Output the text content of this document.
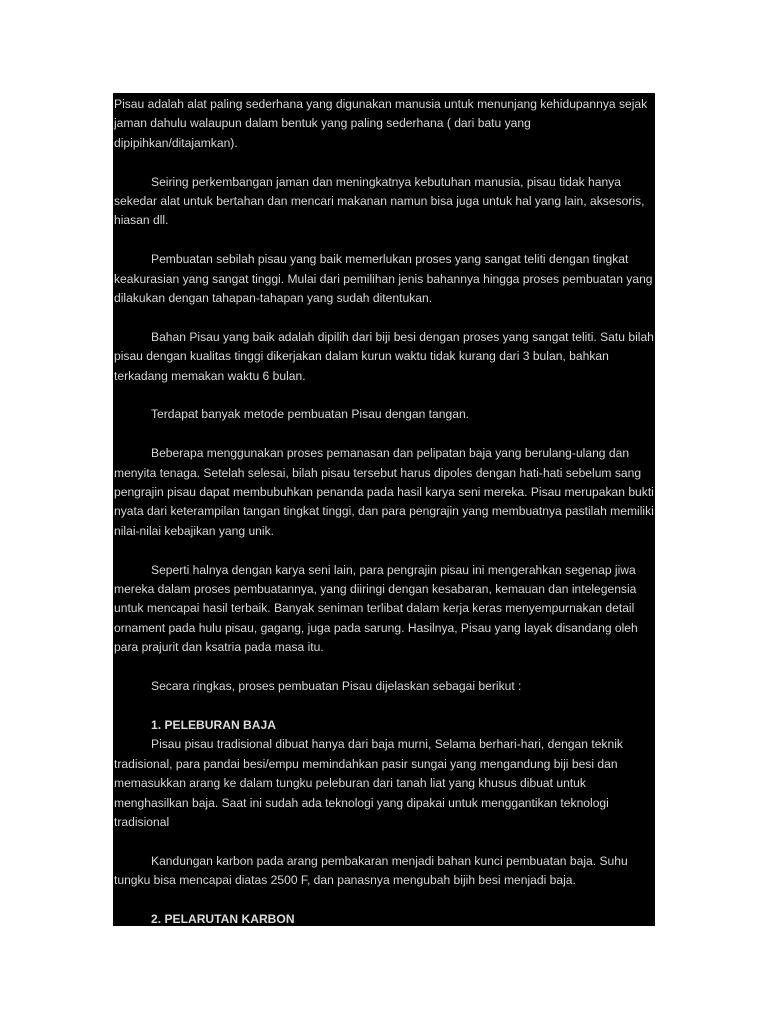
Pisau adalah alat paling sederhana yang digunakan manusia untuk menunjang kehidupannya sejak jaman dahulu walaupun dalam bentuk yang paling sederhana ( dari batu yang dipipihkan/ditajamkan).

Seiring perkembangan jaman dan meningkatnya kebutuhan manusia, pisau tidak hanya sekedar alat untuk bertahan dan mencari makanan namun bisa juga untuk hal yang lain, aksesoris, hiasan dll.

Pembuatan sebilah pisau yang baik memerlukan proses yang sangat teliti dengan tingkat keakurasian yang sangat tinggi. Mulai dari pemilihan jenis bahannya hingga proses pembuatan yang dilakukan dengan tahapan-tahapan yang sudah ditentukan.

Bahan Pisau yang baik adalah dipilih dari biji besi dengan proses yang sangat teliti. Satu bilah pisau dengan kualitas tinggi dikerjakan dalam kurun waktu tidak kurang dari 3 bulan, bahkan terkadang memakan waktu 6 bulan.

Terdapat banyak metode pembuatan Pisau dengan tangan.

Beberapa menggunakan proses pemanasan dan pelipatan baja yang berulang-ulang dan menyita tenaga. Setelah selesai, bilah pisau tersebut harus dipoles dengan hati-hati sebelum sang pengrajin pisau dapat membubuhkan penanda pada hasil karya seni mereka. Pisau merupakan bukti nyata dari keterampilan tangan tingkat tinggi, dan para pengrajin yang membuatnya pastilah memiliki nilai-nilai kebajikan yang unik.

Seperti halnya dengan karya seni lain, para pengrajin pisau ini mengerahkan segenap jiwa mereka dalam proses pembuatannya, yang diiringi dengan kesabaran, kemauan dan intelegensia untuk mencapai hasil terbaik. Banyak seniman terlibat dalam kerja keras menyempurnakan detail ornament pada hulu pisau, gagang, juga pada sarung. Hasilnya, Pisau yang layak disandang oleh para prajurit dan ksatria pada masa itu.

Secara ringkas, proses pembuatan Pisau dijelaskan sebagai berikut :

1. PELEBURAN BAJA

Pisau pisau tradisional dibuat hanya dari baja murni, Selama berhari-hari, dengan teknik tradisional, para pandai besi/empu memindahkan pasir sungai yang mengandung biji besi dan memasukkan arang ke dalam tungku peleburan dari tanah liat yang khusus dibuat untuk menghasilkan baja. Saat ini sudah ada teknologi yang dipakai untuk menggantikan teknologi tradisional

Kandungan karbon pada arang pembakaran menjadi bahan kunci pembuatan baja. Suhu tungku bisa mencapai diatas 2500 F, dan panasnya mengubah bijih besi menjadi baja.

2. PELARUTAN KARBON
